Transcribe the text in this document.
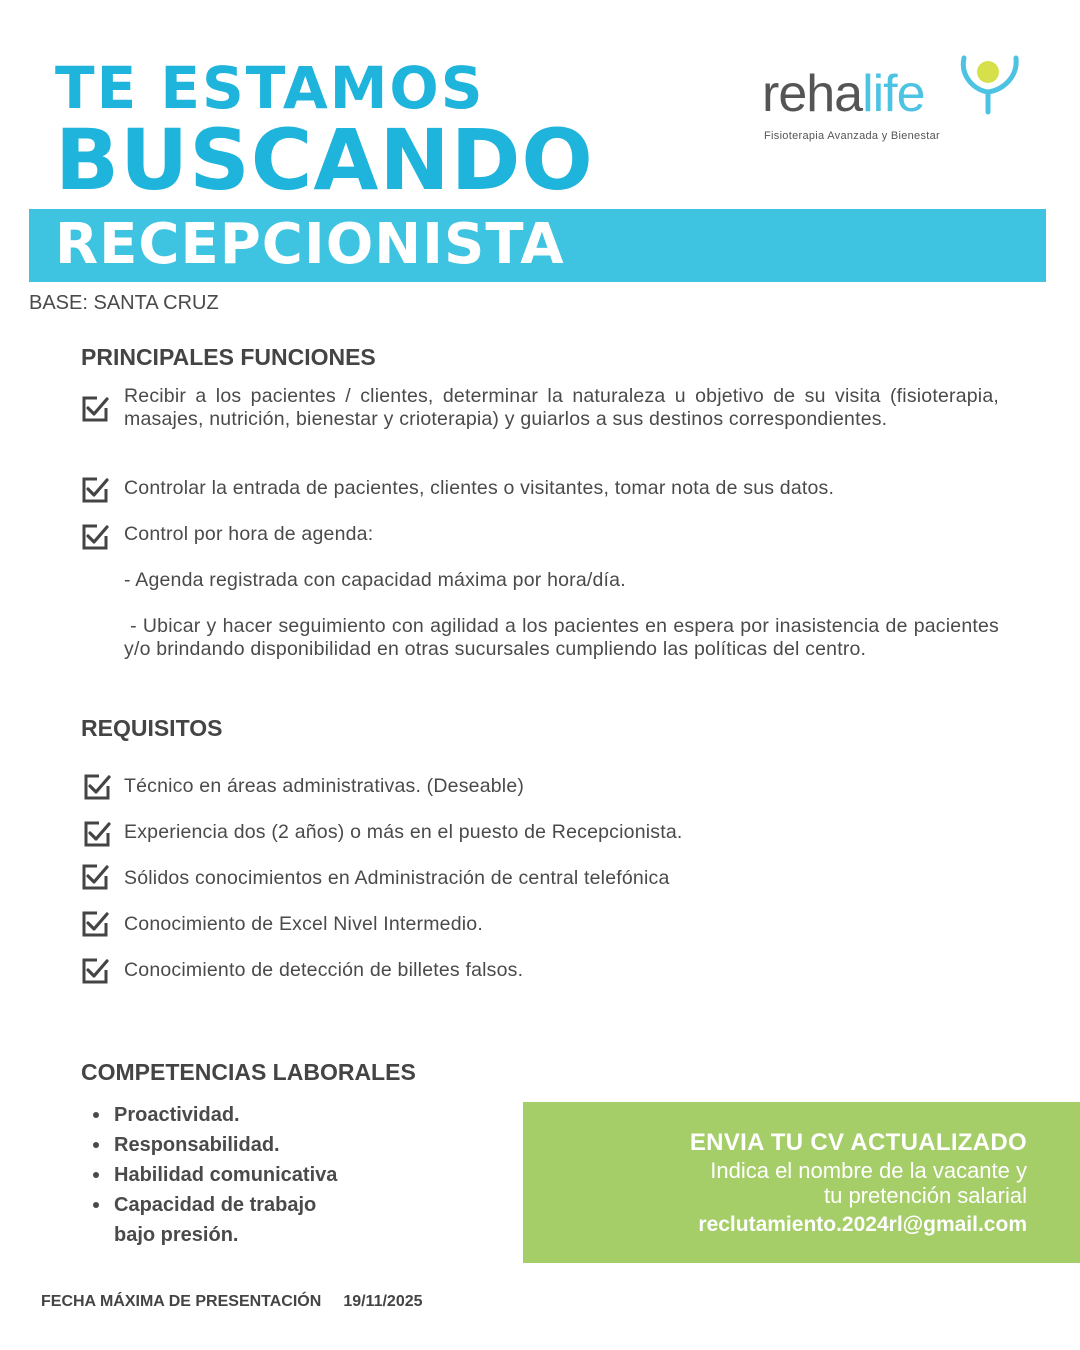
TE ESTAMOS
BUSCANDO
RECEPCIONISTA
BASE: SANTA CRUZ
rehalife
Fisioterapia Avanzada y Bienestar
PRINCIPALES FUNCIONES
Recibir a los pacientes / clientes, determinar la naturaleza u objetivo de su visita (fisioterapia, masajes, nutrición, bienestar y crioterapia) y guiarlos a sus destinos correspondientes.
Controlar la entrada de pacientes, clientes o visitantes, tomar nota de sus datos.
Control por hora de agenda:
- Agenda registrada con capacidad máxima por hora/día.
- Ubicar y hacer seguimiento con agilidad a los pacientes en espera por inasistencia de pacientes y/o brindando disponibilidad en otras sucursales cumpliendo las políticas del centro.
REQUISITOS
Técnico en áreas administrativas. (Deseable)
Experiencia dos (2 años) o más en el puesto de Recepcionista.
Sólidos conocimientos en Administración de central telefónica
Conocimiento de Excel Nivel Intermedio.
Conocimiento de detección de billetes falsos.
COMPETENCIAS LABORALES
Proactividad.
Responsabilidad.
Habilidad comunicativa
Capacidad de trabajo
bajo presión.
ENVIA TU CV ACTUALIZADO
Indica el nombre de la vacante y
tu pretención salarial
reclutamiento.2024rl@gmail.com
FECHA MÁXIMA DE PRESENTACIÓN 19/11/2025
